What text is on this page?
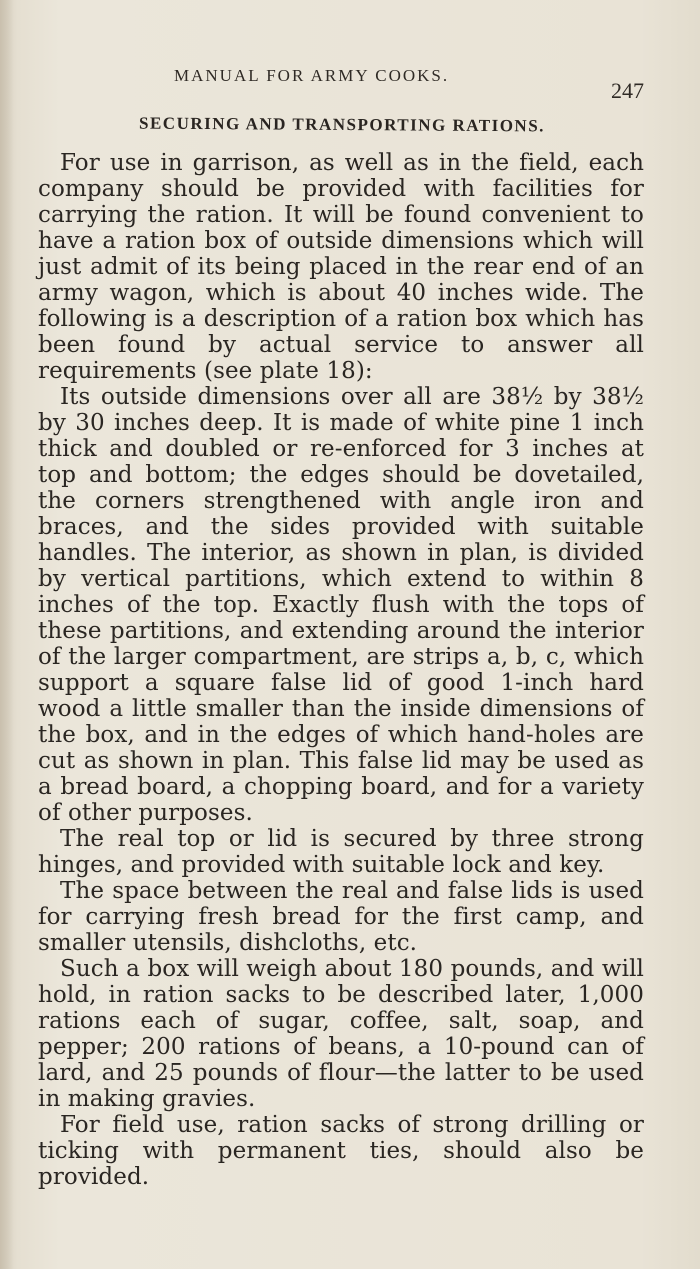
MANUAL FOR ARMY COOKS.
247
SECURING AND TRANSPORTING RATIONS.

For use in garrison, as well as in the field, each company should be provided with facilities for carrying the ration. It will be found convenient to have a ration box of outside dimensions which will just admit of its being placed in the rear end of an army wagon, which is about 40 inches wide. The following is a description of a ration box which has been found by actual service to answer all requirements (see plate 18):

Its outside dimensions over all are 38½ by 38½ by 30 inches deep. It is made of white pine 1 inch thick and doubled or re-enforced for 3 inches at top and bottom; the edges should be dovetailed, the corners strengthened with angle iron and braces, and the sides provided with suitable handles. The interior, as shown in plan, is divided by vertical partitions, which extend to within 8 inches of the top. Exactly flush with the tops of these partitions, and extending around the interior of the larger compartment, are strips a, b, c, which support a square false lid of good 1-inch hard wood a little smaller than the inside dimensions of the box, and in the edges of which hand-holes are cut as shown in plan. This false lid may be used as a bread board, a chopping board, and for a variety of other purposes.

The real top or lid is secured by three strong hinges, and provided with suitable lock and key.

The space between the real and false lids is used for carrying fresh bread for the first camp, and smaller utensils, dishcloths, etc.

Such a box will weigh about 180 pounds, and will hold, in ration sacks to be described later, 1,000 rations each of sugar, coffee, salt, soap, and pepper; 200 rations of beans, a 10-pound can of lard, and 25 pounds of flour—the latter to be used in making gravies.

For field use, ration sacks of strong drilling or ticking with permanent ties, should also be provided.
